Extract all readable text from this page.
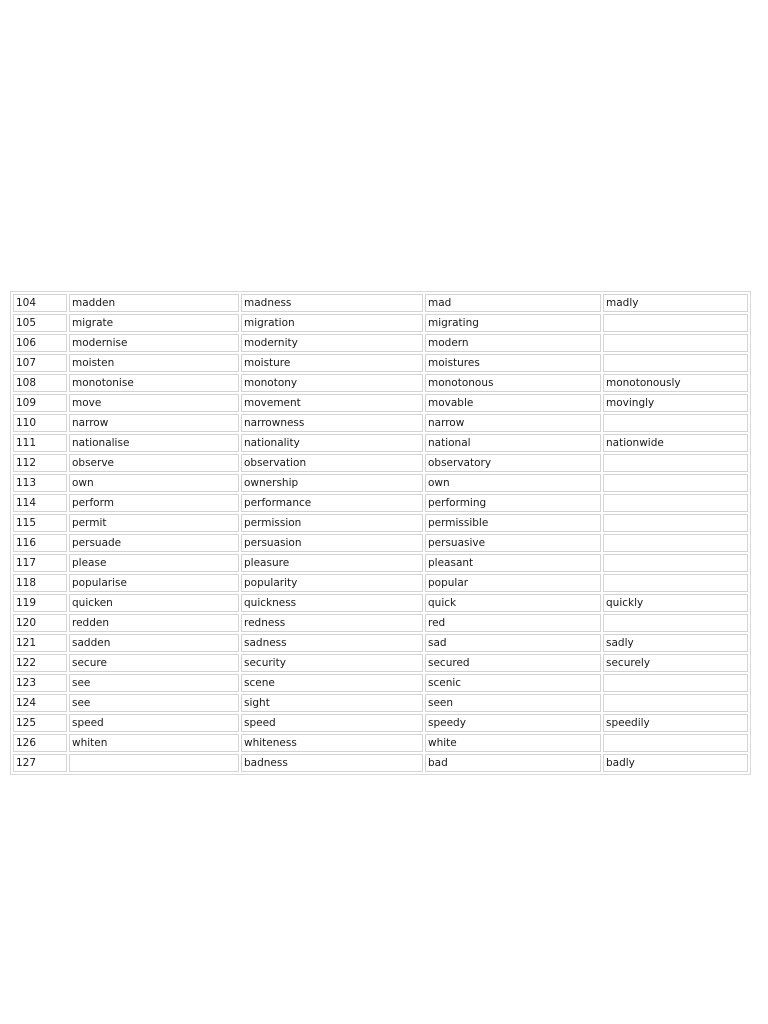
104	madden	madness	mad	madly
105	migrate	migration	migrating	
106	modernise	modernity	modern	
107	moisten	moisture	moistures	
108	monotonise	monotony	monotonous	monotonously
109	move	movement	movable	movingly
110	narrow	narrowness	narrow	
111	nationalise	nationality	national	nationwide
112	observe	observation	observatory	
113	own	ownership	own	
114	perform	performance	performing	
115	permit	permission	permissible	
116	persuade	persuasion	persuasive	
117	please	pleasure	pleasant	
118	popularise	popularity	popular	
119	quicken	quickness	quick	quickly
120	redden	redness	red	
121	sadden	sadness	sad	sadly
122	secure	security	secured	securely
123	see	scene	scenic	
124	see	sight	seen	
125	speed	speed	speedy	speedily
126	whiten	whiteness	white	
127		badness	bad	badly
